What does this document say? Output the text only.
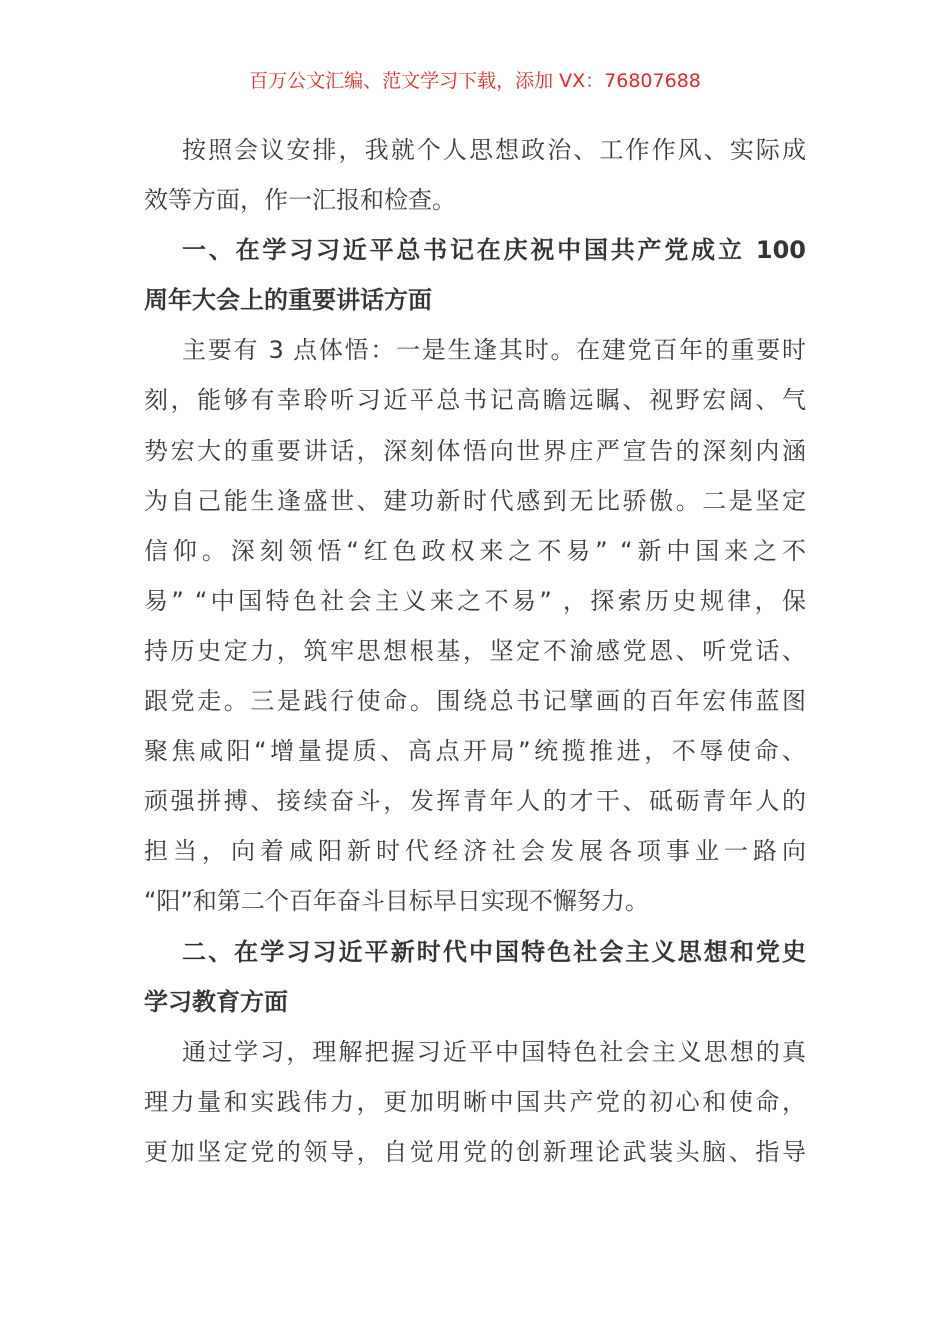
百万公文汇编、范文学习下载，添加 VX：76807688
按照会议安排，我就个人思想政治、工作作风、实际成
效等方面，作一汇报和检查。
一、在学习习近平总书记在庆祝中国共产党成立 100
周年大会上的重要讲话方面
主要有 3 点体悟：一是生逢其时。在建党百年的重要时
刻，能够有幸聆听习近平总书记高瞻远瞩、视野宏阔、气
势宏大的重要讲话，深刻体悟向世界庄严宣告的深刻内涵
为自己能生逢盛世、建功新时代感到无比骄傲。二是坚定
信仰。深刻领悟“红色政权来之不易” “新中国来之不
易” “中国特色社会主义来之不易” ，探索历史规律，保
持历史定力，筑牢思想根基，坚定不渝感党恩、听党话、
跟党走。三是践行使命。围绕总书记擘画的百年宏伟蓝图
聚焦咸阳“增量提质、高点开局”统揽推进，不辱使命、
顽强拼搏、接续奋斗，发挥青年人的才干、砥砺青年人的
担当，向着咸阳新时代经济社会发展各项事业一路向
“阳”和第二个百年奋斗目标早日实现不懈努力。
二、在学习习近平新时代中国特色社会主义思想和党史
学习教育方面
通过学习，理解把握习近平中国特色社会主义思想的真
理力量和实践伟力，更加明晰中国共产党的初心和使命，
更加坚定党的领导，自觉用党的创新理论武装头脑、指导
